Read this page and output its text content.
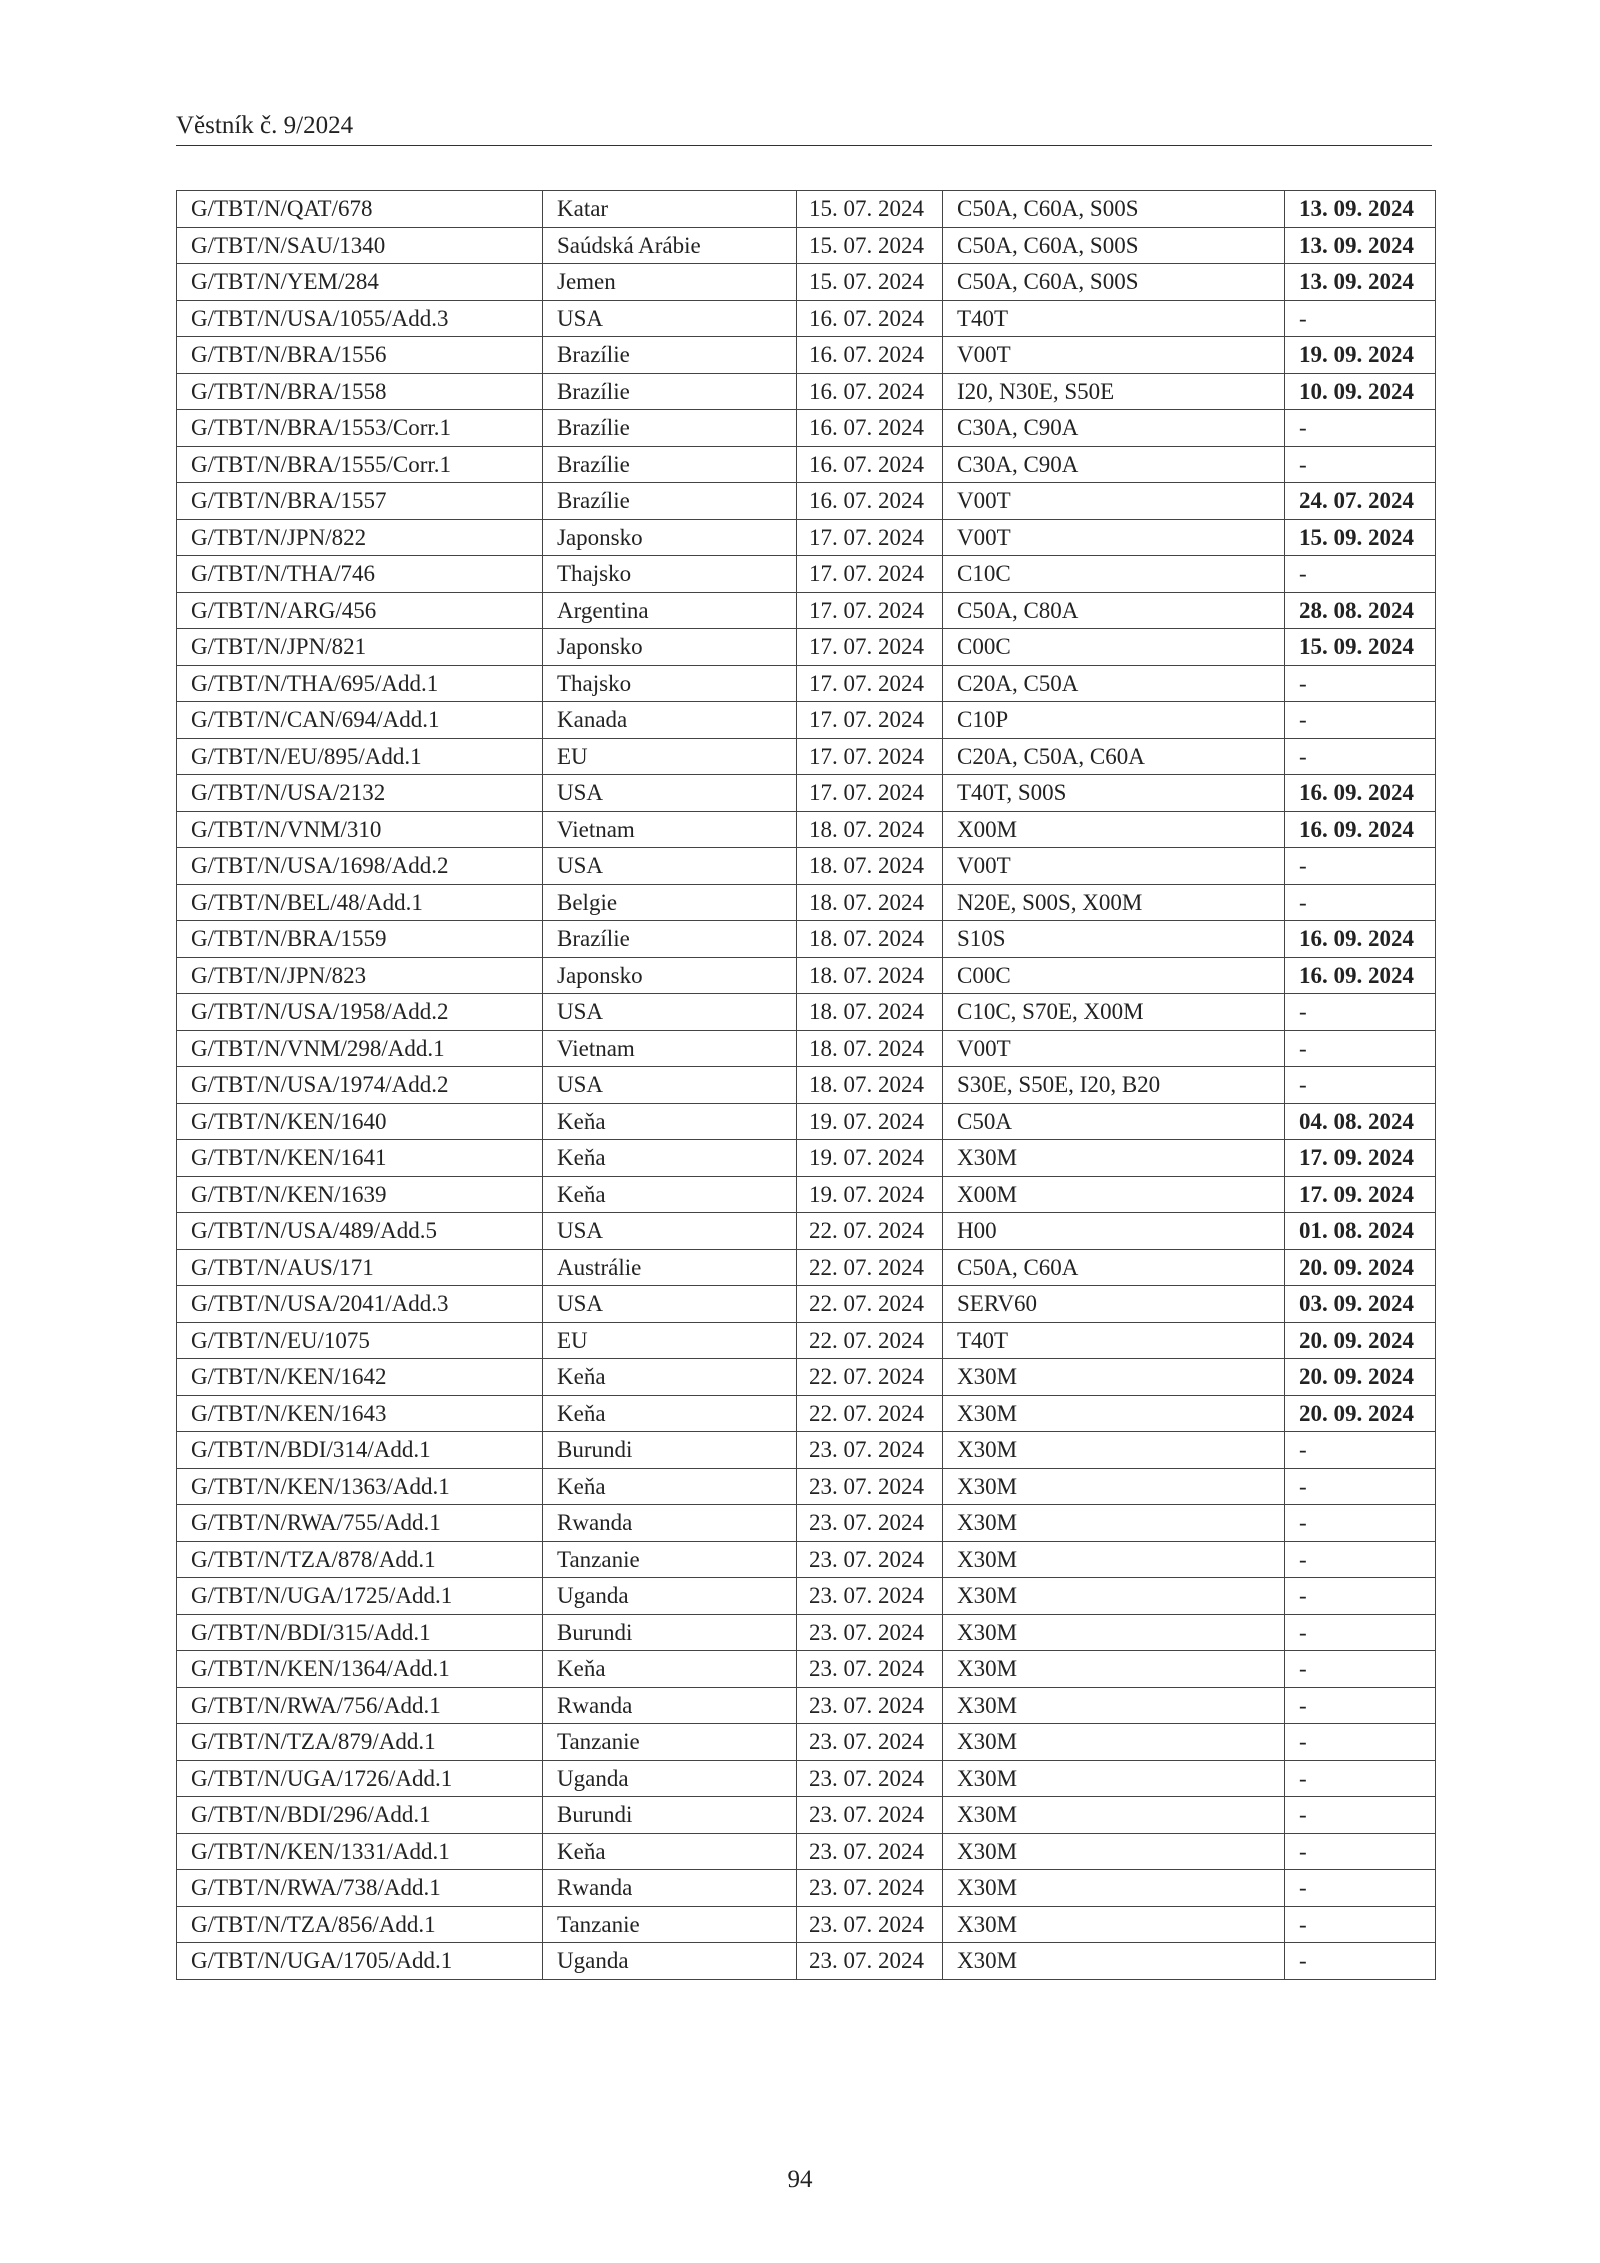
Věstník č. 9/2024
G/TBT/N/QAT/678	Katar	15. 07. 2024	C50A, C60A, S00S	13. 09. 2024
G/TBT/N/SAU/1340	Saúdská Arábie	15. 07. 2024	C50A, C60A, S00S	13. 09. 2024
G/TBT/N/YEM/284	Jemen	15. 07. 2024	C50A, C60A, S00S	13. 09. 2024
G/TBT/N/USA/1055/Add.3	USA	16. 07. 2024	T40T	-
G/TBT/N/BRA/1556	Brazílie	16. 07. 2024	V00T	19. 09. 2024
G/TBT/N/BRA/1558	Brazílie	16. 07. 2024	I20, N30E, S50E	10. 09. 2024
G/TBT/N/BRA/1553/Corr.1	Brazílie	16. 07. 2024	C30A, C90A	-
G/TBT/N/BRA/1555/Corr.1	Brazílie	16. 07. 2024	C30A, C90A	-
G/TBT/N/BRA/1557	Brazílie	16. 07. 2024	V00T	24. 07. 2024
G/TBT/N/JPN/822	Japonsko	17. 07. 2024	V00T	15. 09. 2024
G/TBT/N/THA/746	Thajsko	17. 07. 2024	C10C	-
G/TBT/N/ARG/456	Argentina	17. 07. 2024	C50A, C80A	28. 08. 2024
G/TBT/N/JPN/821	Japonsko	17. 07. 2024	C00C	15. 09. 2024
G/TBT/N/THA/695/Add.1	Thajsko	17. 07. 2024	C20A, C50A	-
G/TBT/N/CAN/694/Add.1	Kanada	17. 07. 2024	C10P	-
G/TBT/N/EU/895/Add.1	EU	17. 07. 2024	C20A, C50A, C60A	-
G/TBT/N/USA/2132	USA	17. 07. 2024	T40T, S00S	16. 09. 2024
G/TBT/N/VNM/310	Vietnam	18. 07. 2024	X00M	16. 09. 2024
G/TBT/N/USA/1698/Add.2	USA	18. 07. 2024	V00T	-
G/TBT/N/BEL/48/Add.1	Belgie	18. 07. 2024	N20E, S00S, X00M	-
G/TBT/N/BRA/1559	Brazílie	18. 07. 2024	S10S	16. 09. 2024
G/TBT/N/JPN/823	Japonsko	18. 07. 2024	C00C	16. 09. 2024
G/TBT/N/USA/1958/Add.2	USA	18. 07. 2024	C10C, S70E, X00M	-
G/TBT/N/VNM/298/Add.1	Vietnam	18. 07. 2024	V00T	-
G/TBT/N/USA/1974/Add.2	USA	18. 07. 2024	S30E, S50E, I20, B20	-
G/TBT/N/KEN/1640	Keňa	19. 07. 2024	C50A	04. 08. 2024
G/TBT/N/KEN/1641	Keňa	19. 07. 2024	X30M	17. 09. 2024
G/TBT/N/KEN/1639	Keňa	19. 07. 2024	X00M	17. 09. 2024
G/TBT/N/USA/489/Add.5	USA	22. 07. 2024	H00	01. 08. 2024
G/TBT/N/AUS/171	Austrálie	22. 07. 2024	C50A, C60A	20. 09. 2024
G/TBT/N/USA/2041/Add.3	USA	22. 07. 2024	SERV60	03. 09. 2024
G/TBT/N/EU/1075	EU	22. 07. 2024	T40T	20. 09. 2024
G/TBT/N/KEN/1642	Keňa	22. 07. 2024	X30M	20. 09. 2024
G/TBT/N/KEN/1643	Keňa	22. 07. 2024	X30M	20. 09. 2024
G/TBT/N/BDI/314/Add.1	Burundi	23. 07. 2024	X30M	-
G/TBT/N/KEN/1363/Add.1	Keňa	23. 07. 2024	X30M	-
G/TBT/N/RWA/755/Add.1	Rwanda	23. 07. 2024	X30M	-
G/TBT/N/TZA/878/Add.1	Tanzanie	23. 07. 2024	X30M	-
G/TBT/N/UGA/1725/Add.1	Uganda	23. 07. 2024	X30M	-
G/TBT/N/BDI/315/Add.1	Burundi	23. 07. 2024	X30M	-
G/TBT/N/KEN/1364/Add.1	Keňa	23. 07. 2024	X30M	-
G/TBT/N/RWA/756/Add.1	Rwanda	23. 07. 2024	X30M	-
G/TBT/N/TZA/879/Add.1	Tanzanie	23. 07. 2024	X30M	-
G/TBT/N/UGA/1726/Add.1	Uganda	23. 07. 2024	X30M	-
G/TBT/N/BDI/296/Add.1	Burundi	23. 07. 2024	X30M	-
G/TBT/N/KEN/1331/Add.1	Keňa	23. 07. 2024	X30M	-
G/TBT/N/RWA/738/Add.1	Rwanda	23. 07. 2024	X30M	-
G/TBT/N/TZA/856/Add.1	Tanzanie	23. 07. 2024	X30M	-
G/TBT/N/UGA/1705/Add.1	Uganda	23. 07. 2024	X30M	-
94
